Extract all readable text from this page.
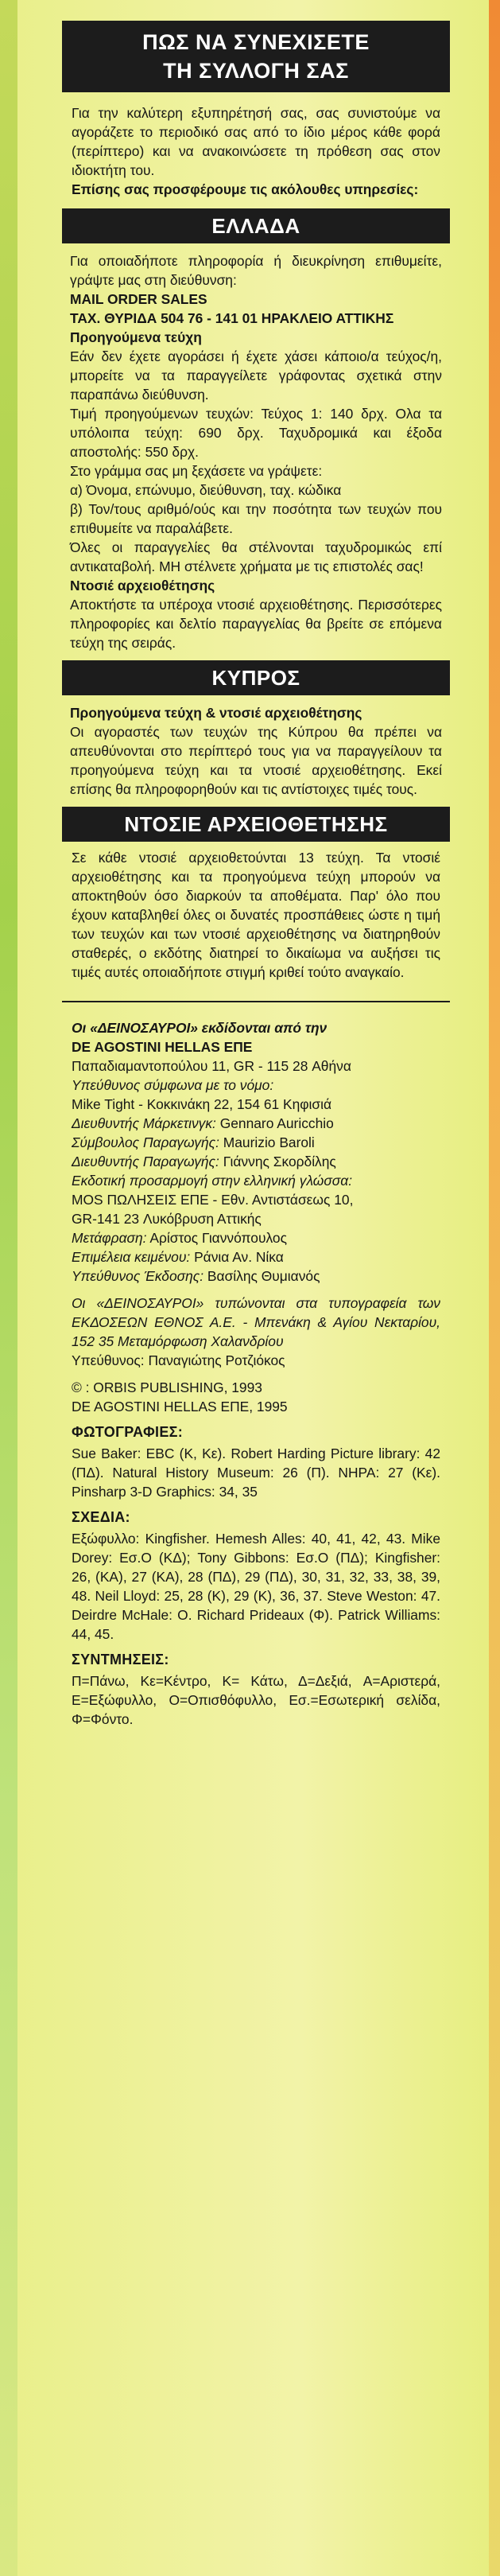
ΠΩΣ ΝΑ ΣΥΝΕΧΙΣΕΤΕ
ΤΗ ΣΥΛΛΟΓΗ ΣΑΣ

Για την καλύτερη εξυπηρέτησή σας, σας συνιστούμε να αγοράζετε το περιοδικό σας από το ίδιο μέρος κάθε φορά (περίπτερο) και να ανακοινώσετε τη πρόθεση σας στον ιδιοκτήτη του.

Επίσης σας προσφέρουμε τις ακόλουθες υπηρεσίες:

ΕΛΛΑΔΑ

Για οποιαδήποτε πληροφορία ή διευκρίνηση επιθυμείτε, γράψτε μας στη διεύθυνση:

MAIL ORDER SALES

ΤΑΧ. ΘΥΡΙΔΑ 504 76 - 141 01 ΗΡΑΚΛΕΙΟ ΑΤΤΙΚΗΣ

Προηγούμενα τεύχη

Εάν δεν έχετε αγοράσει ή έχετε χάσει κάποιο/α τεύχος/η, μπορείτε να τα παραγγείλετε γράφοντας σχετικά στην παραπάνω διεύθυνση.

Τιμή προηγούμενων τευχών: Τεύχος 1: 140 δρχ. Ολα τα υπόλοιπα τεύχη: 690 δρχ. Ταχυδρομικά και έξοδα αποστολής: 550 δρχ.

Στο γράμμα σας μη ξεχάσετε να γράψετε:

α) Όνομα, επώνυμο, διεύθυνση, ταχ. κώδικα

β) Τον/τους αριθμό/ούς και την ποσότητα των τευχών που επιθυμείτε να παραλάβετε.

Όλες οι παραγγελίες θα στέλνονται ταχυδρομικώς επί αντικαταβολή. ΜΗ στέλνετε χρήματα με τις επιστολές σας!

Ντοσιέ αρχειοθέτησης

Αποκτήστε τα υπέροχα ντοσιέ αρχειοθέτησης. Περισσότερες πληροφορίες και δελτίο παραγγελίας θα βρείτε σε επόμενα τεύχη της σειράς.

ΚΥΠΡΟΣ

Προηγούμενα τεύχη & ντοσιέ αρχειοθέτησης

Οι αγοραστές των τευχών της Κύπρου θα πρέπει να απευθύνονται στο περίπτερό τους για να παραγγείλουν τα προηγούμενα τεύχη και τα ντοσιέ αρχειοθέτησης. Εκεί επίσης θα πληροφορηθούν και τις αντίστοιχες τιμές τους.

ΝΤΟΣΙΕ ΑΡΧΕΙΟΘΕΤΗΣΗΣ

Σε κάθε ντοσιέ αρχειοθετούνται 13 τεύχη. Τα ντοσιέ αρχειοθέτησης και τα προηγούμενα τεύχη μπορούν να αποκτηθούν όσο διαρκούν τα αποθέματα. Παρ' όλο που έχουν καταβληθεί όλες οι δυνατές προσπάθειες ώστε η τιμή των τευχών και των ντοσιέ αρχειοθέτησης να διατηρηθούν σταθερές, ο εκδότης διατηρεί το δικαίωμα να αυξήσει τις τιμές αυτές οποιαδήποτε στιγμή κριθεί τούτο αναγκαίο.

Οι «ΔΕΙΝΟΣΑΥΡΟΙ» εκδίδονται από την

DE AGOSTINI HELLAS ΕΠΕ

Παπαδιαμαντοπούλου 11, GR - 115 28 Αθήνα

Υπεύθυνος σύμφωνα με το νόμο:

Mike Tight - Κοκκινάκη 22, 154 61 Κηφισιά

Διευθυντής Μάρκετινγκ: Gennaro Auricchio

Σύμβουλος Παραγωγής: Maurizio Baroli

Διευθυντής Παραγωγής: Γιάννης Σκορδίλης

Εκδοτική προσαρμογή στην ελληνική γλώσσα:

MOS ΠΩΛΗΣΕΙΣ ΕΠΕ - Εθν. Αντιστάσεως 10,

GR-141 23 Λυκόβρυση Αττικής

Μετάφραση: Αρίστος Γιαννόπουλος

Επιμέλεια κειμένου: Ράνια Αν. Νίκα

Υπεύθυνος Έκδοσης: Βασίλης Θυμιανός

Οι «ΔΕΙΝΟΣΑΥΡΟΙ» τυπώνονται στα τυπογραφεία των ΕΚΔΟΣΕΩΝ ΕΘΝΟΣ Α.Ε. - Μπενάκη & Αγίου Νεκταρίου, 152 35 Μεταμόρφωση Χαλανδρίου

Υπεύθυνος: Παναγιώτης Ροτζιόκος

© : ORBIS PUBLISHING, 1993

DE AGOSTINI HELLAS ΕΠΕ, 1995

ΦΩΤΟΓΡΑΦΙΕΣ:

Sue Baker: EBC (K, Kε). Robert Harding Picture library: 42 (ΠΔ). Natural History Museum: 26 (Π). NHPA: 27 (Kε). Pinsharp 3-D Graphics: 34, 35

ΣΧΕΔΙΑ:

Εξώφυλλο: Kingfisher. Hemesh Alles: 40, 41, 42, 43. Mike Dorey: Εσ.Ο (ΚΔ); Tony Gibbons: Εσ.Ο (ΠΔ); Kingfisher: 26, (KA), 27 (KA), 28 (ΠΔ), 29 (ΠΔ), 30, 31, 32, 33, 38, 39, 48. Neil Lloyd: 25, 28 (K), 29 (K), 36, 37. Steve Weston: 47. Deirdre McHale: O. Richard Prideaux (Φ). Patrick Williams: 44, 45.

ΣΥΝΤΜΗΣΕΙΣ:

Π=Πάνω, Kε=Κέντρο, K= Κάτω, Δ=Δεξιά, A=Αριστερά, E=Εξώφυλλο, O=Οπισθόφυλλο, Eσ.=Εσωτερική σελίδα, Φ=Φόντο.
